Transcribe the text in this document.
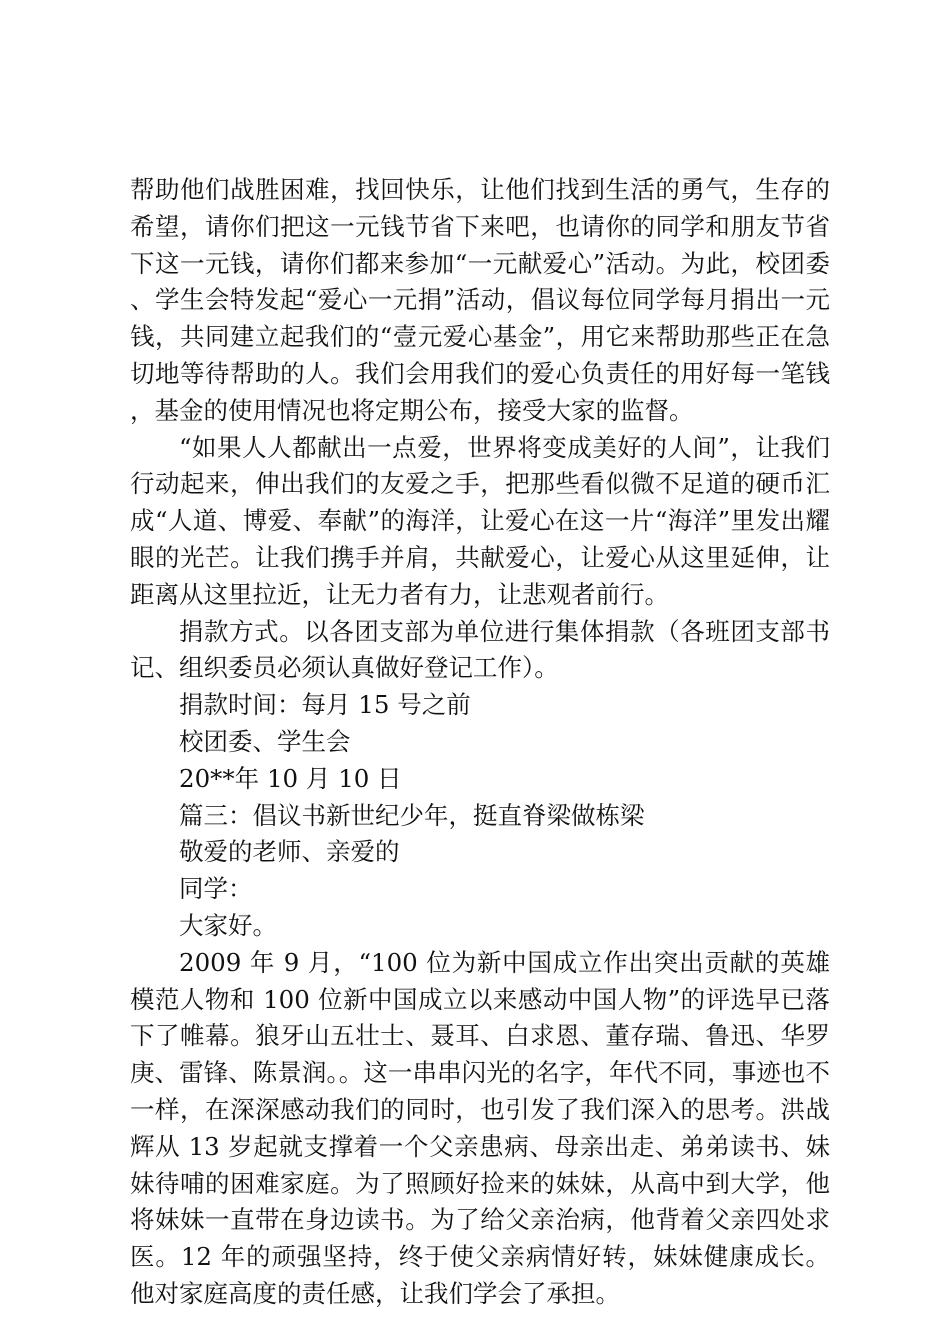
帮助他们战胜困难，找回快乐，让他们找到生活的勇气，生存的希望，请你们把这一元钱节省下来吧，也请你的同学和朋友节省下这一元钱，请你们都来参加“一元献爱心”活动。为此，校团委、学生会特发起“爱心一元捐”活动，倡议每位同学每月捐出一元钱，共同建立起我们的“壹元爱心基金”，用它来帮助那些正在急切地等待帮助的人。我们会用我们的爱心负责任的用好每一笔钱，基金的使用情况也将定期公布，接受大家的监督。

“如果人人都献出一点爱，世界将变成美好的人间”，让我们行动起来，伸出我们的友爱之手，把那些看似微不足道的硬币汇成“人道、博爱、奉献”的海洋，让爱心在这一片“海洋”里发出耀眼的光芒。让我们携手并肩，共献爱心，让爱心从这里延伸，让距离从这里拉近，让无力者有力，让悲观者前行。

捐款方式。以各团支部为单位进行集体捐款（各班团支部书记、组织委员必须认真做好登记工作）。

捐款时间：每月 15 号之前

校团委、学生会

20**年 10 月 10 日

篇三：倡议书新世纪少年，挺直脊梁做栋梁

敬爱的老师、亲爱的

同学：

大家好。

2009 年 9 月，“100 位为新中国成立作出突出贡献的英雄模范人物和 100 位新中国成立以来感动中国人物”的评选早已落下了帷幕。狼牙山五壮士、聂耳、白求恩、董存瑞、鲁迅、华罗庚、雷锋、陈景润。。这一串串闪光的名字，年代不同，事迹也不一样，在深深感动我们的同时，也引发了我们深入的思考。洪战辉从 13 岁起就支撑着一个父亲患病、母亲出走、弟弟读书、妹妹待哺的困难家庭。为了照顾好捡来的妹妹，从高中到大学，他将妹妹一直带在身边读书。为了给父亲治病，他背着父亲四处求医。12 年的顽强坚持，终于使父亲病情好转，妹妹健康成长。他对家庭高度的责任感，让我们学会了承担。
